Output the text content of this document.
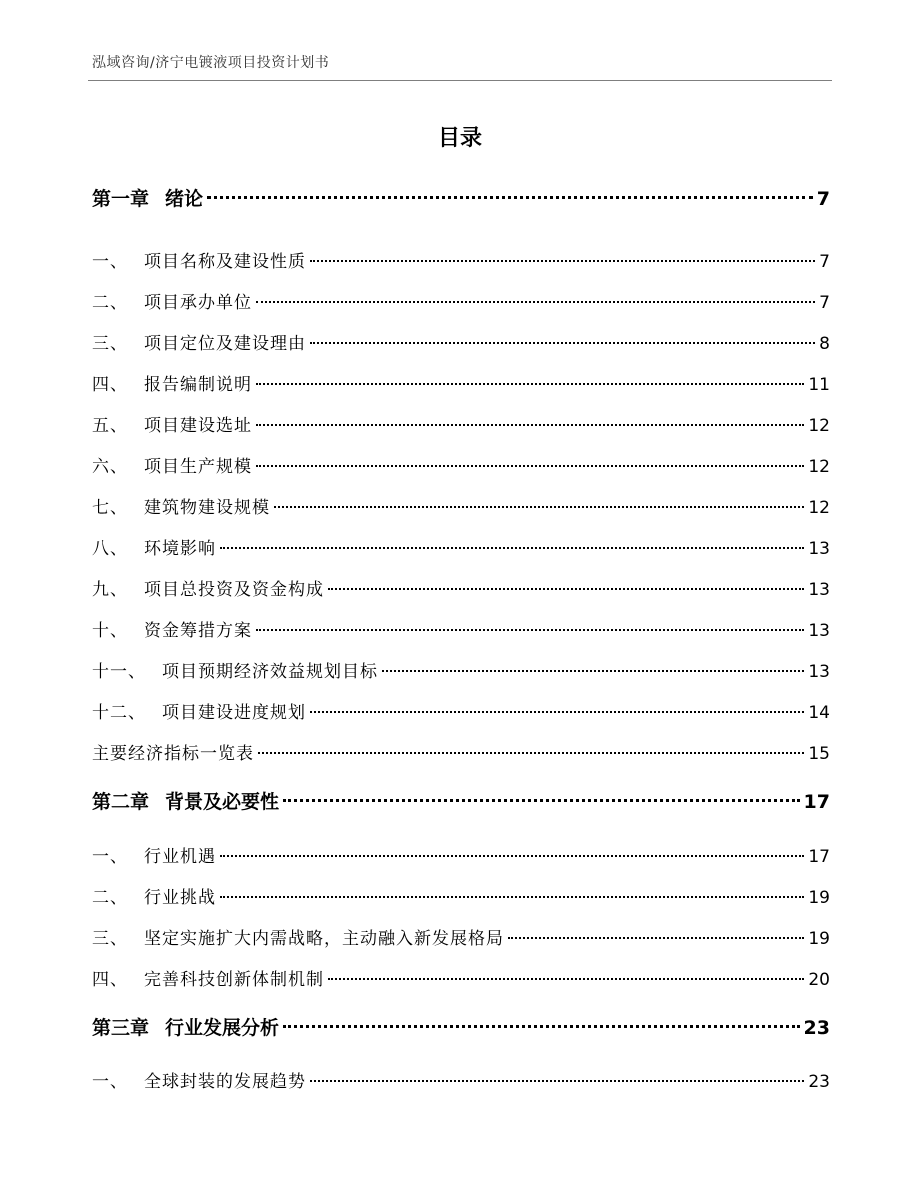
泓域咨询/济宁电镀液项目投资计划书
目录
第一章 绪论	7
一、 项目名称及建设性质	7
二、 项目承办单位	7
三、 项目定位及建设理由	8
四、 报告编制说明	11
五、 项目建设选址	12
六、 项目生产规模	12
七、 建筑物建设规模	12
八、 环境影响	13
九、 项目总投资及资金构成	13
十、 资金筹措方案	13
十一、 项目预期经济效益规划目标	13
十二、 项目建设进度规划	14
主要经济指标一览表	15
第二章 背景及必要性	17
一、 行业机遇	17
二、 行业挑战	19
三、 坚定实施扩大内需战略，主动融入新发展格局	19
四、 完善科技创新体制机制	20
第三章 行业发展分析	23
一、 全球封装的发展趋势	23
